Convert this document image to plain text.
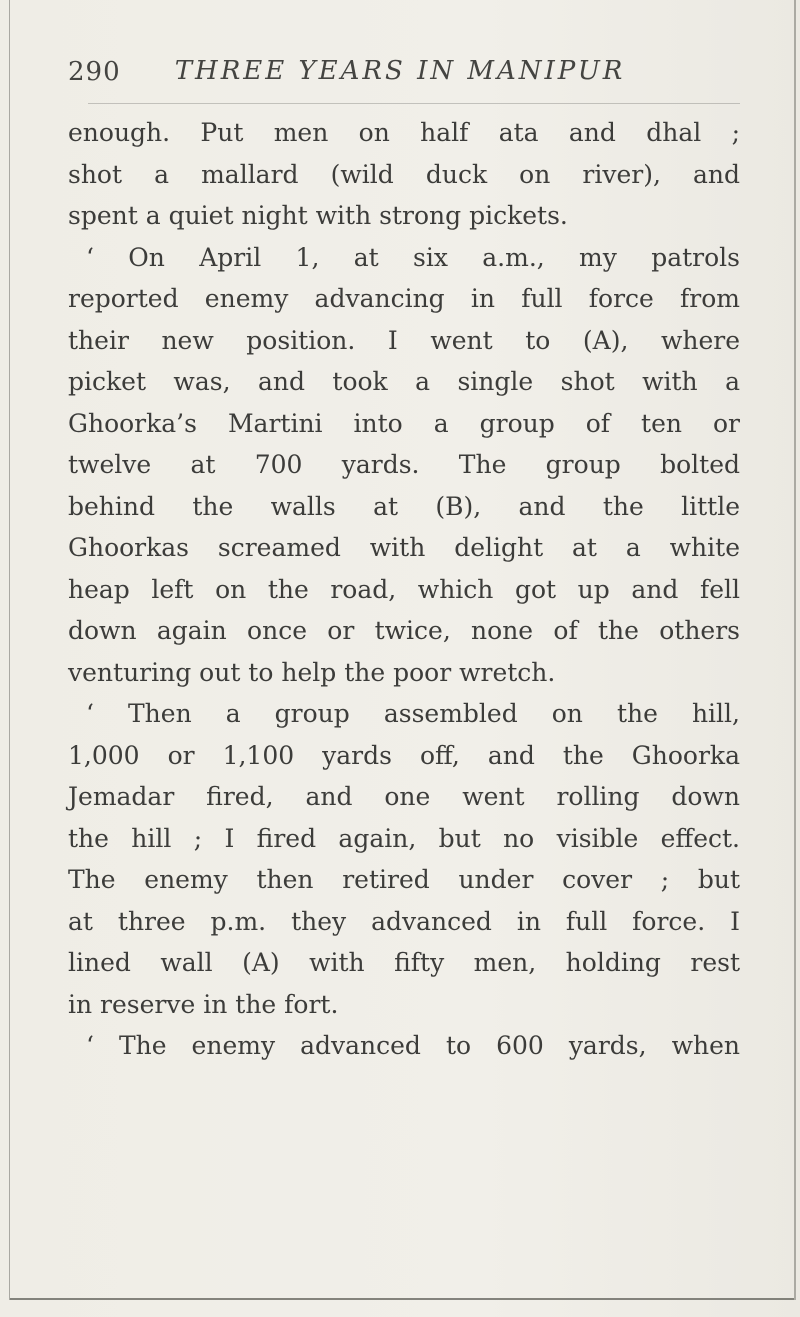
290	THREE YEARS IN MANIPUR
enough. Put men on half ata and dhal ;
shot a mallard (wild duck on river), and
spent a quiet night with strong pickets.
‘ On April 1, at six a.m., my patrols
reported enemy advancing in full force from
their new position. I went to (A), where
picket was, and took a single shot with a
Ghoorka’s Martini into a group of ten or
twelve at 700 yards. The group bolted
behind the walls at (B), and the little
Ghoorkas screamed with delight at a white
heap left on the road, which got up and fell
down again once or twice, none of the others
venturing out to help the poor wretch.
‘ Then a group assembled on the hill,
1,000 or 1,100 yards off, and the Ghoorka
Jemadar fired, and one went rolling down
the hill ; I fired again, but no visible effect.
The enemy then retired under cover ; but
at three p.m. they advanced in full force. I
lined wall (A) with fifty men, holding rest
in reserve in the fort.
‘ The enemy advanced to 600 yards, when
